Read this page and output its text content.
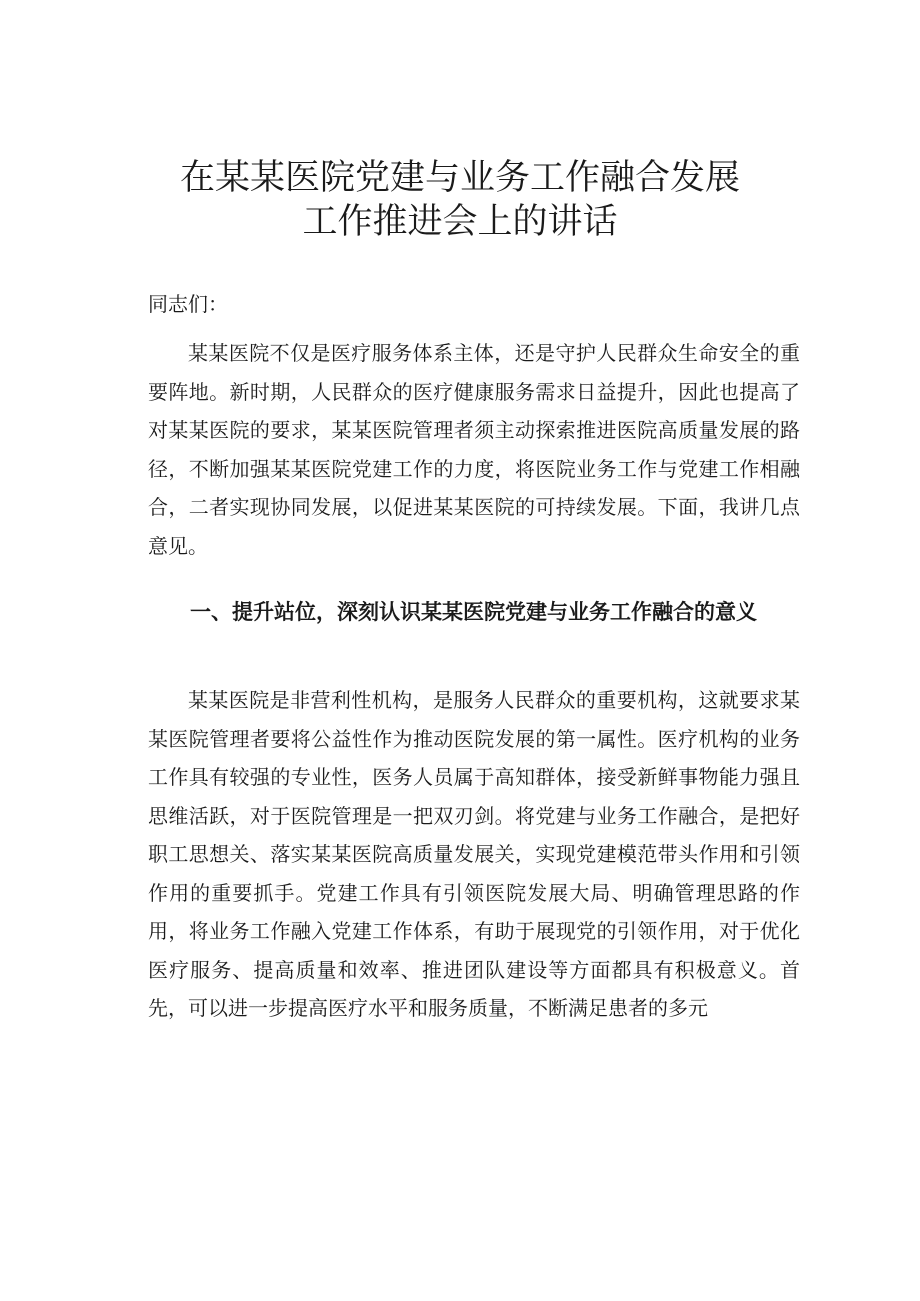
在某某医院党建与业务工作融合发展
工作推进会上的讲话

同志们：

某某医院不仅是医疗服务体系主体，还是守护人民群众生命安全的重要阵地。新时期，人民群众的医疗健康服务需求日益提升，因此也提高了对某某医院的要求，某某医院管理者须主动探索推进医院高质量发展的路径，不断加强某某医院党建工作的力度，将医院业务工作与党建工作相融合，二者实现协同发展，以促进某某医院的可持续发展。下面，我讲几点意见。

一、提升站位，深刻认识某某医院党建与业务工作融合的意义

某某医院是非营利性机构，是服务人民群众的重要机构，这就要求某某医院管理者要将公益性作为推动医院发展的第一属性。医疗机构的业务工作具有较强的专业性，医务人员属于高知群体，接受新鲜事物能力强且思维活跃，对于医院管理是一把双刃剑。将党建与业务工作融合，是把好职工思想关、落实某某医院高质量发展关，实现党建模范带头作用和引领作用的重要抓手。党建工作具有引领医院发展大局、明确管理思路的作用，将业务工作融入党建工作体系，有助于展现党的引领作用，对于优化医疗服务、提高质量和效率、推进团队建设等方面都具有积极意义。首先，可以进一步提高医疗水平和服务质量，不断满足患者的多元
